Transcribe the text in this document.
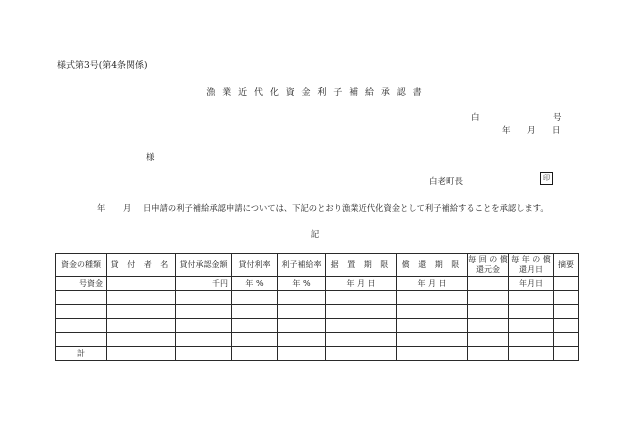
様式第3号(第4条関係)
漁 業 近 代 化 資 金 利 子 補 給 承 認 書
白	号
年 月 日
様
白老町長	印
年 月 日申請の利子補給承認申請については、下記のとおり漁業近代化資金として利子補給することを承認します。
記
資金の種類	貸 付 者 名	貸付承認金額	貸付利率	利子補給率	据 置 期 限	償 還 期 限	毎 回 の 償還元金	毎 年 の 償還月日	摘要
号資金		千円	年 %	年 %	年 月 日	年 月 日		年月日	

計									
